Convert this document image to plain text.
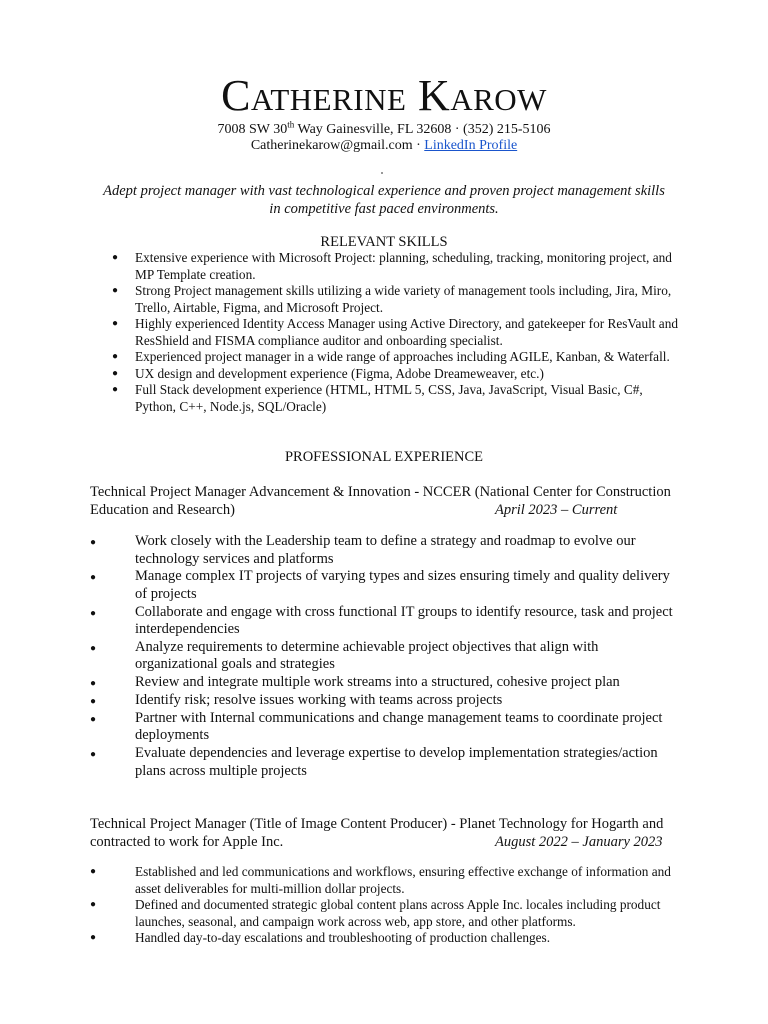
Catherine Karow
7008 SW 30th Way Gainesville, FL 32608 · (352) 215-5106
Catherinekarow@gmail.com · LinkedIn Profile
Adept project manager with vast technological experience and proven project management skills in competitive fast paced environments.
RELEVANT SKILLS
● Extensive experience with Microsoft Project: planning, scheduling, tracking, monitoring project, and MP Template creation.
● Strong Project management skills utilizing a wide variety of management tools including, Jira, Miro, Trello, Airtable, Figma, and Microsoft Project.
● Highly experienced Identity Access Manager using Active Directory, and gatekeeper for ResVault and ResShield and FISMA compliance auditor and onboarding specialist.
● Experienced project manager in a wide range of approaches including AGILE, Kanban, & Waterfall.
● UX design and development experience (Figma, Adobe Dreameweaver, etc.)
● Full Stack development experience (HTML, HTML 5, CSS, Java, JavaScript, Visual Basic, C#, Python, C++, Node.js, SQL/Oracle)
PROFESSIONAL EXPERIENCE
Technical Project Manager Advancement & Innovation - NCCER (National Center for Construction Education and Research)	April 2023 – Current
●	Work closely with the Leadership team to define a strategy and roadmap to evolve our technology services and platforms
●	Manage complex IT projects of varying types and sizes ensuring timely and quality delivery of projects
●	Collaborate and engage with cross functional IT groups to identify resource, task and project interdependencies
●	Analyze requirements to determine achievable project objectives that align with organizational goals and strategies
●	Review and integrate multiple work streams into a structured, cohesive project plan
●	Identify risk; resolve issues working with teams across projects
●	Partner with Internal communications and change management teams to coordinate project deployments
●	Evaluate dependencies and leverage expertise to develop implementation strategies/action plans across multiple projects
Technical Project Manager (Title of Image Content Producer) - Planet Technology for Hogarth and contracted to work for Apple Inc.	August 2022 – January 2023
●	Established and led communications and workflows, ensuring effective exchange of information and asset deliverables for multi-million dollar projects.
●	Defined and documented strategic global content plans across Apple Inc. locales including product launches, seasonal, and campaign work across web, app store, and other platforms.
●	Handled day-to-day escalations and troubleshooting of production challenges.
